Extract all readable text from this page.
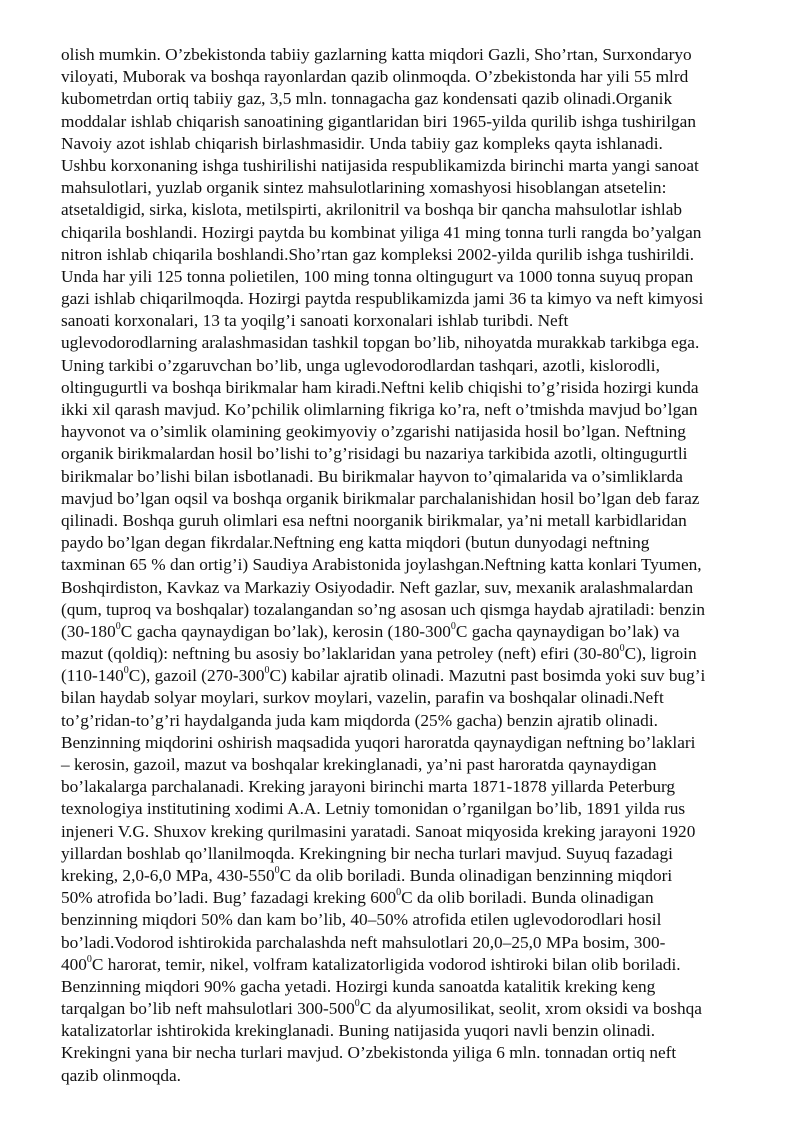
olish mumkin. O’zbekistonda tabiiy gazlarning katta miqdori Gazli, Sho’rtan, Surxondaryo
viloyati, Muborak va boshqa rayonlardan qazib olinmoqda. O’zbekistonda har yili 55 mlrd
kubometrdan ortiq tabiiy gaz, 3,5 mln. tonnagacha gaz kondensati qazib olinadi.Organik
moddalar ishlab chiqarish sanoatining gigantlaridan biri 1965-yilda qurilib ishga tushirilgan
Navoiy azot ishlab chiqarish birlashmasidir. Unda tabiiy gaz kompleks qayta ishlanadi.
Ushbu korxonaning ishga tushirilishi natijasida respublikamizda birinchi marta yangi sanoat
mahsulotlari, yuzlab organik sintez mahsulotlarining xomashyosi hisoblangan atsetelin:
atsetaldigid, sirka, kislota, metilspirti, akrilonitril va boshqa bir qancha mahsulotlar ishlab
chiqarila boshlandi. Hozirgi paytda bu kombinat yiliga 41 ming tonna turli rangda bo’yalgan
nitron ishlab chiqarila boshlandi.Sho’rtan gaz kompleksi 2002-yilda qurilib ishga tushirildi.
Unda har yili 125 tonna polietilen, 100 ming tonna oltingugurt va 1000 tonna suyuq propan
gazi ishlab chiqarilmoqda. Hozirgi paytda respublikamizda jami 36 ta kimyo va neft kimyosi
sanoati korxonalari, 13 ta yoqilg’i sanoati korxonalari ishlab turibdi. Neft
uglevodorodlarning aralashmasidan tashkil topgan bo’lib, nihoyatda murakkab tarkibga ega.
Uning tarkibi o’zgaruvchan bo’lib, unga uglevodorodlardan tashqari, azotli, kislorodli,
oltingugurtli va boshqa birikmalar ham kiradi.Neftni kelib chiqishi to’g’risida hozirgi kunda
ikki xil qarash mavjud. Ko’pchilik olimlarning fikriga ko’ra, neft o’tmishda mavjud bo’lgan
hayvonot va o’simlik olamining geokimyoviy o’zgarishi natijasida hosil bo’lgan. Neftning
organik birikmalardan hosil bo’lishi to’g’risidagi bu nazariya tarkibida azotli, oltingugurtli
birikmalar bo’lishi bilan isbotlanadi. Bu birikmalar hayvon to’qimalarida va o’simliklarda
mavjud bo’lgan oqsil va boshqa organik birikmalar parchalanishidan hosil bo’lgan deb faraz
qilinadi. Boshqa guruh olimlari esa neftni noorganik birikmalar, ya’ni metall karbidlaridan
paydo bo’lgan degan fikrdalar.Neftning eng katta miqdori (butun dunyodagi neftning
taxminan 65 % dan ortig’i) Saudiya Arabistonida joylashgan.Neftning katta konlari Tyumen,
Boshqirdiston, Kavkaz va Markaziy Osiyodadir. Neft gazlar, suv, mexanik aralashmalardan
(qum, tuproq va boshqalar) tozalangandan so’ng asosan uch qismga haydab ajratiladi: benzin
($30-180^0C$ gacha qaynaydigan bo’lak), kerosin ($180-300^0C$ gacha qaynaydigan bo’lak) va
mazut (qoldiq): neftning bu asosiy bo’laklaridan yana petroley (neft) efiri $(30-80^0C)$, ligroin
$(110-140^0C)$, gazoil $(270-300^0C)$ kabilar ajratib olinadi. Mazutni past bosimda yoki suv bug’i
bilan haydab solyar moylari, surkov moylari, vazelin, parafin va boshqalar olinadi.Neft
to’g’ridan-to’g’ri haydalganda juda kam miqdorda (25% gacha) benzin ajratib olinadi.
Benzinning miqdorini oshirish maqsadida yuqori haroratda qaynaydigan neftning bo’laklari
– kerosin, gazoil, mazut va boshqalar krekinglanadi, ya’ni past haroratda qaynaydigan
bo’lakalarga parchalanadi. Kreking jarayoni birinchi marta 1871-1878 yillarda Peterburg
texnologiya institutining xodimi A.A. Letniy tomonidan o’rganilgan bo’lib, 1891 yilda rus
injeneri V.G. Shuxov kreking qurilmasini yaratadi. Sanoat miqyosida kreking jarayoni 1920
yillardan boshlab qo’llanilmoqda. Krekingning bir necha turlari mavjud. Suyuq fazadagi
kreking, 2,0-6,0 MPa, $430-550^0C$ da olib boriladi. Bunda olinadigan benzinning miqdori
50% atrofida bo’ladi. Bug’ fazadagi kreking $600^0C$ da olib boriladi. Bunda olinadigan
benzinning miqdori 50% dan kam bo’lib, 40–50% atrofida etilen uglevodorodlari hosil
bo’ladi.Vodorod ishtirokida parchalashda neft mahsulotlari 20,0–25,0 MPa bosim, 300-
$400^0C$ harorat, temir, nikel, volfram katalizatorligida vodorod ishtiroki bilan olib boriladi.
Benzinning miqdori 90% gacha yetadi. Hozirgi kunda sanoatda katalitik kreking keng
tarqalgan bo’lib neft mahsulotlari $300-500^0C$ da alyumosilikat, seolit, xrom oksidi va boshqa
katalizatorlar ishtirokida krekinglanadi. Buning natijasida yuqori navli benzin olinadi.
Krekingni yana bir necha turlari mavjud. O’zbekistonda yiliga 6 mln. tonnadan ortiq neft
qazib olinmoqda.
